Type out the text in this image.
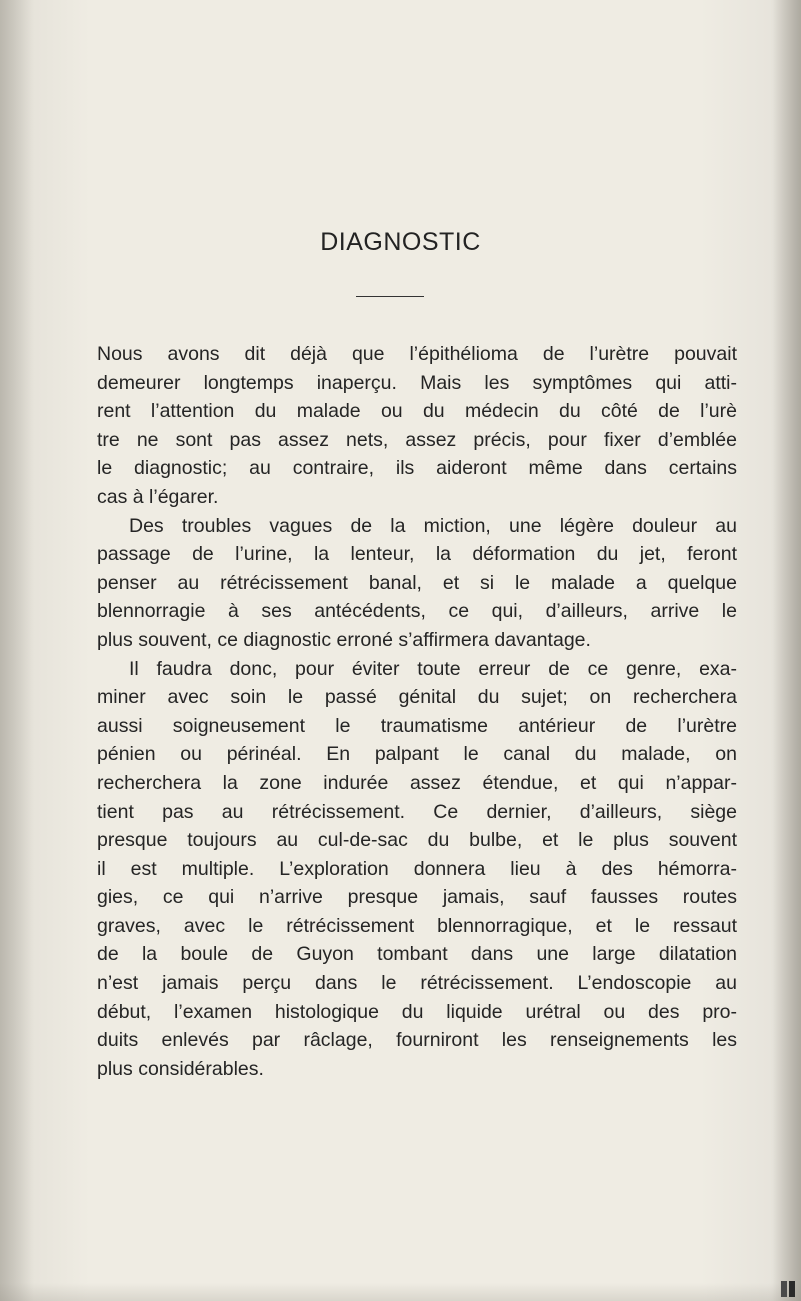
DIAGNOSTIC
Nous avons dit déjà que l’épithélioma de l’urètre pouvait
demeurer longtemps inaperçu. Mais les symptômes qui atti-
rent l’attention du malade ou du médecin du côté de l’urè
tre ne sont pas assez nets, assez précis, pour fixer d’emblée
le diagnostic; au contraire, ils aideront même dans certains
cas à l’égarer.
Des troubles vagues de la miction, une légère douleur au
passage de l’urine, la lenteur, la déformation du jet, feront
penser au rétrécissement banal, et si le malade a quelque
blennorragie à ses antécédents, ce qui, d’ailleurs, arrive le
plus souvent, ce diagnostic erroné s’affirmera davantage.
Il faudra donc, pour éviter toute erreur de ce genre, exa-
miner avec soin le passé génital du sujet; on recherchera
aussi soigneusement le traumatisme antérieur de l’urètre
pénien ou périnéal. En palpant le canal du malade, on
recherchera la zone indurée assez étendue, et qui n’appar-
tient pas au rétrécissement. Ce dernier, d’ailleurs, siège
presque toujours au cul-de-sac du bulbe, et le plus souvent
il est multiple. L’exploration donnera lieu à des hémorra-
gies, ce qui n’arrive presque jamais, sauf fausses routes
graves, avec le rétrécissement blennorragique, et le ressaut
de la boule de Guyon tombant dans une large dilatation
n’est jamais perçu dans le rétrécissement. L’endoscopie au
début, l’examen histologique du liquide urétral ou des pro-
duits enlevés par râclage, fourniront les renseignements les
plus considérables.
